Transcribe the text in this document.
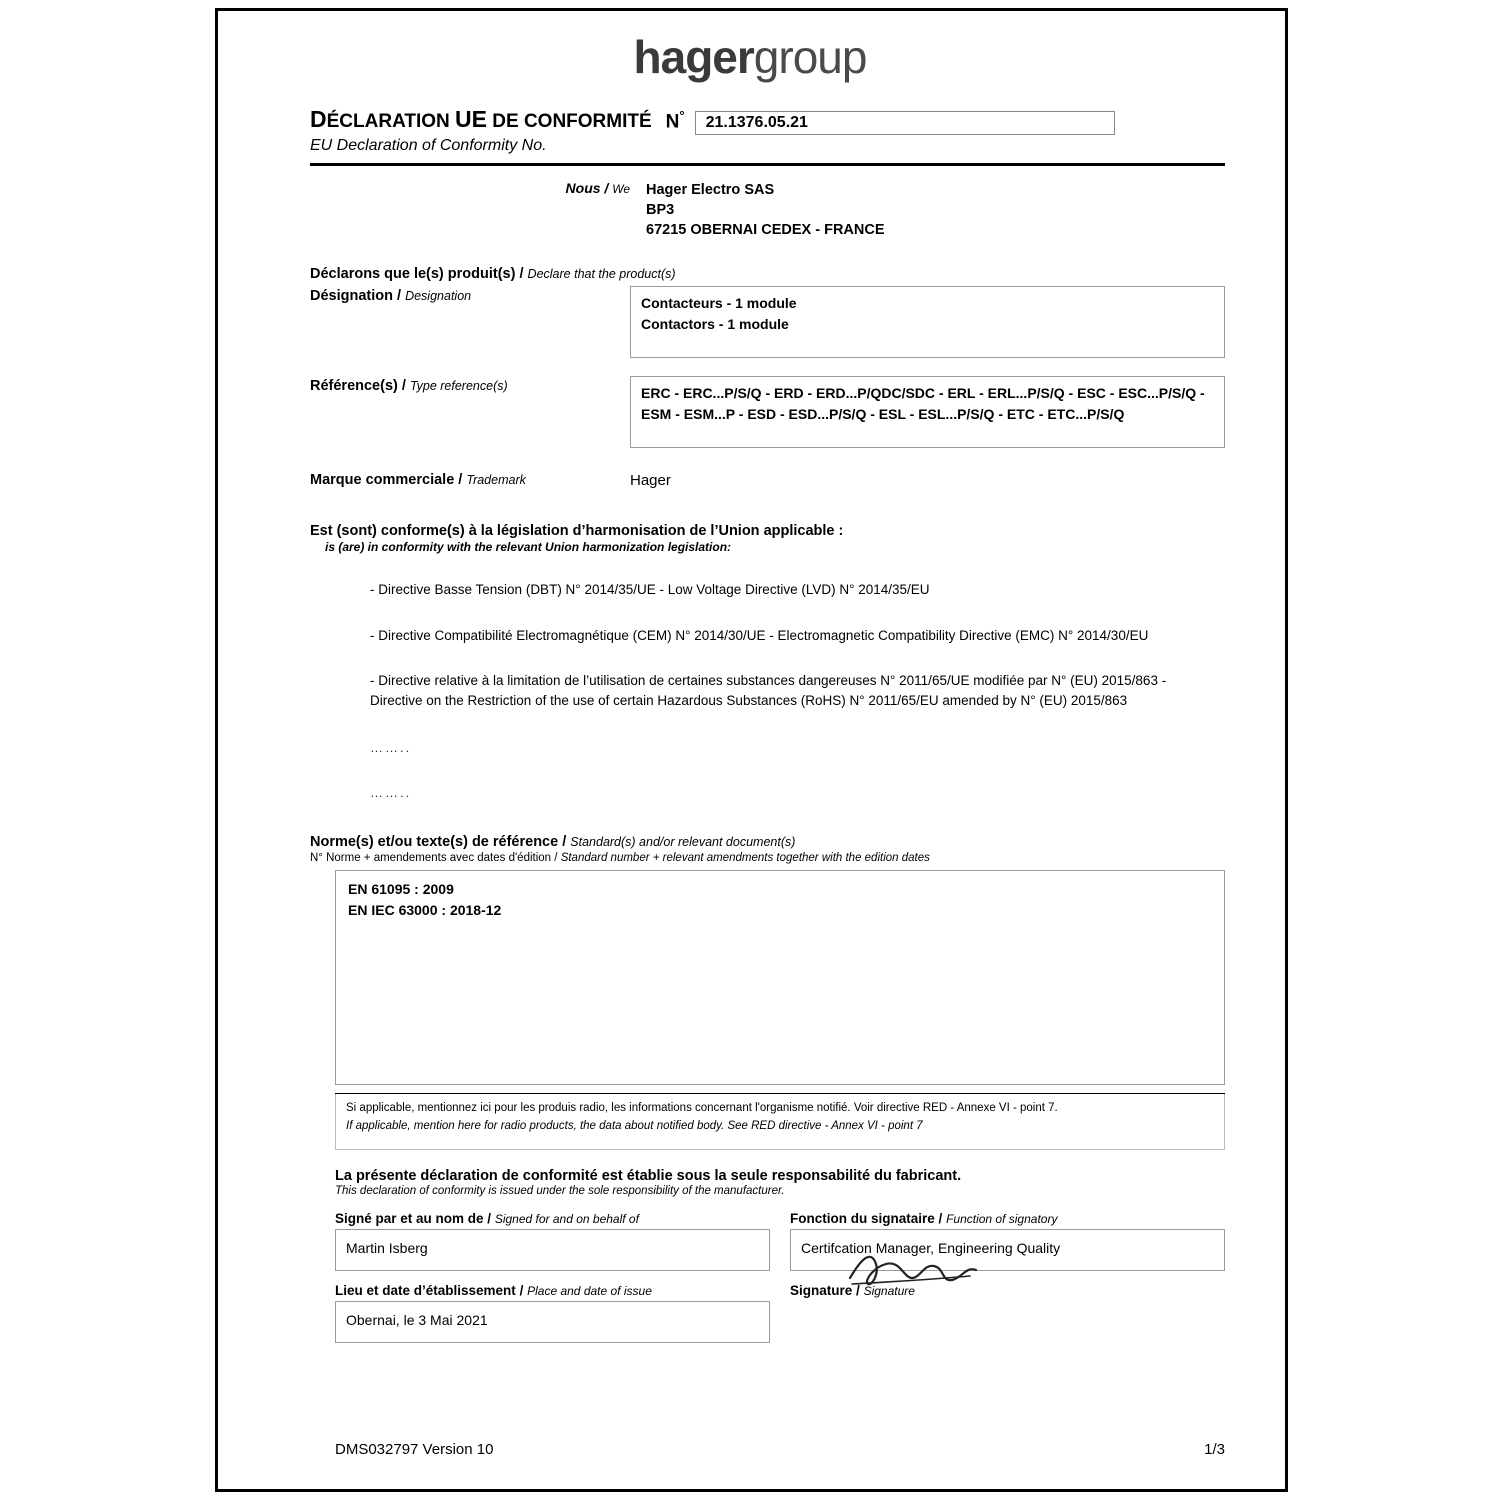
hagergroup
DÉCLARATION UE DE CONFORMITÉ N° 21.1376.05.21
EU Declaration of Conformity No.
Nous / We	Hager Electro SAS
BP3
67215 OBERNAI CEDEX - FRANCE
Déclarons que le(s) produit(s) / Declare that the product(s)
Désignation / Designation	Contacteurs - 1 module
Contactors - 1 module
Référence(s) / Type reference(s)	ERC - ERC...P/S/Q - ERD - ERD...P/QDC/SDC - ERL - ERL...P/S/Q - ESC - ESC...P/S/Q - ESM - ESM...P - ESD - ESD...P/S/Q - ESL - ESL...P/S/Q - ETC - ETC...P/S/Q
Marque commerciale / Trademark	Hager
Est (sont) conforme(s) à la législation d’harmonisation de l’Union applicable :
is (are) in conformity with the relevant Union harmonization legislation:
- Directive Basse Tension (DBT) N° 2014/35/UE - Low Voltage Directive (LVD) N° 2014/35/EU
- Directive Compatibilité Electromagnétique (CEM) N° 2014/30/UE - Electromagnetic Compatibility Directive (EMC) N° 2014/30/EU
- Directive relative à la limitation de l’utilisation de certaines substances dangereuses N° 2011/65/UE modifiée par N° (EU) 2015/863 - Directive on the Restriction of the use of certain Hazardous Substances (RoHS) N° 2011/65/EU amended by N° (EU) 2015/863
……..
……..
Norme(s) et/ou texte(s) de référence / Standard(s) and/or relevant document(s)
N° Norme + amendements avec dates d'édition / Standard number + relevant amendments together with the edition dates
EN 61095 : 2009
EN IEC 63000 : 2018-12
Si applicable, mentionnez ici pour les produis radio, les informations concernant l'organisme notifié. Voir directive RED - Annexe VI - point 7.
If applicable, mention here for radio products, the data about notified body. See RED directive - Annex VI - point 7
La présente déclaration de conformité est établie sous la seule responsabilité du fabricant.
This declaration of conformity is issued under the sole responsibility of the manufacturer.
Signé par et au nom de / Signed for and on behalf of
Martin Isberg
Lieu et date d’établissement / Place and date of issue
Obernai, le 3 Mai 2021
Fonction du signataire / Function of signatory
Certifcation Manager, Engineering Quality
Signature / Signature
DMS032797 Version 10	1/3
